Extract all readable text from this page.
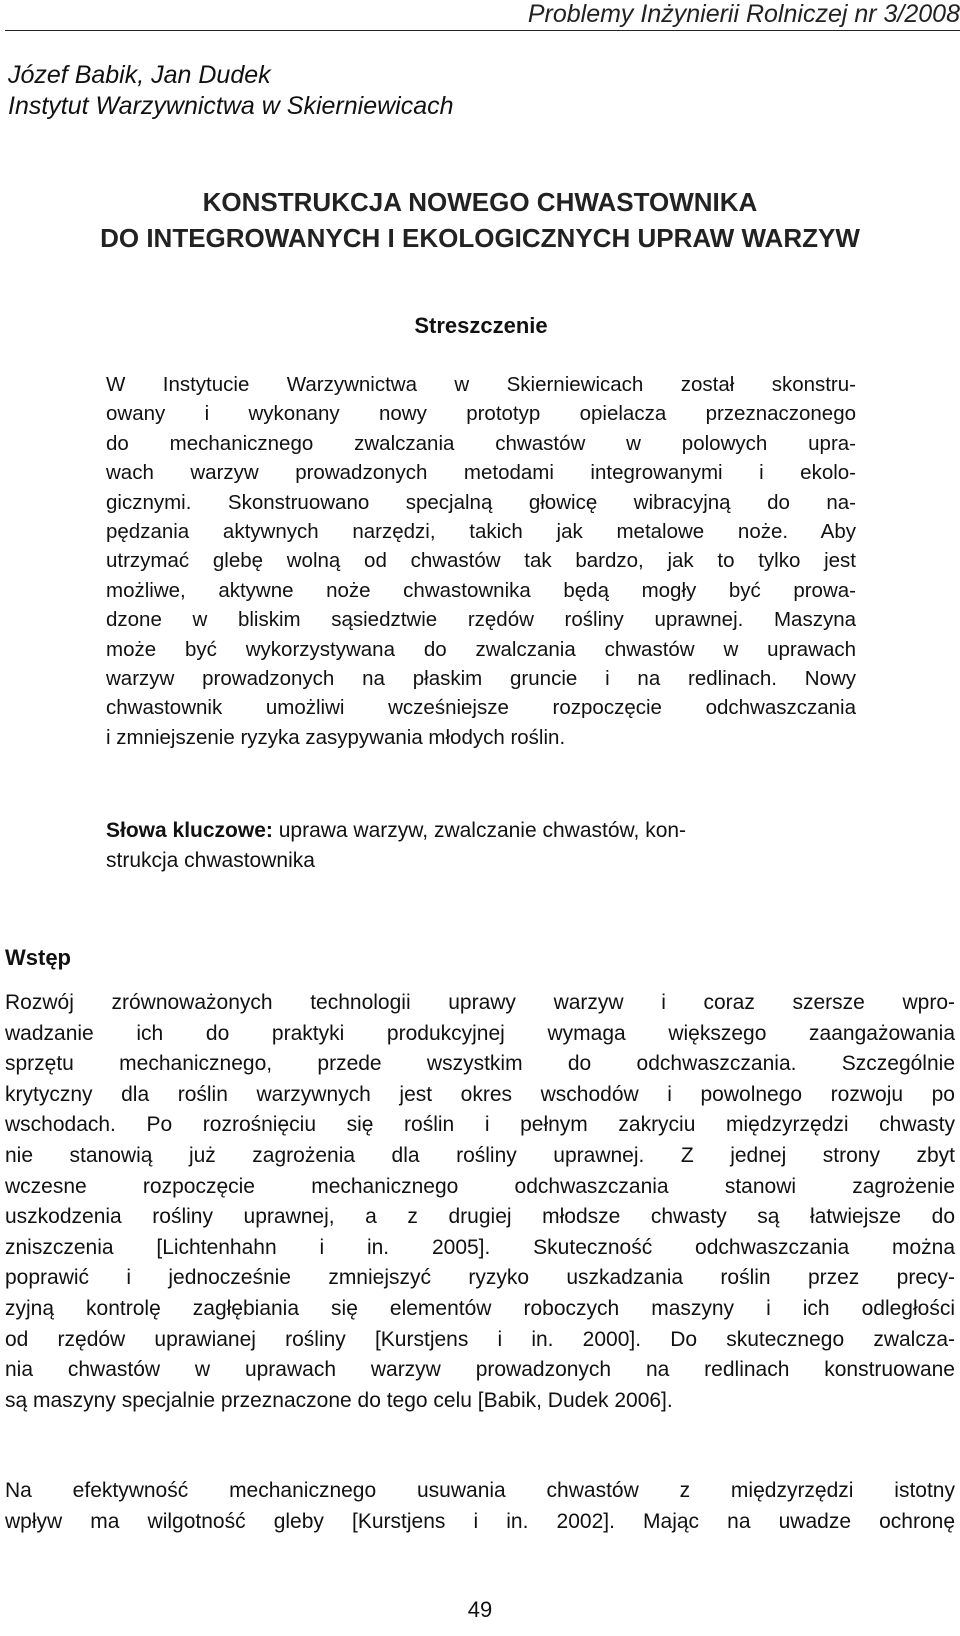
Problemy Inżynierii Rolniczej nr 3/2008
Józef Babik, Jan Dudek
Instytut Warzywnictwa w Skierniewicach
KONSTRUKCJA NOWEGO CHWASTOWNIKA
DO INTEGROWANYCH I EKOLOGICZNYCH UPRAW WARZYW
Streszczenie
W Instytucie Warzywnictwa w Skierniewicach został skonstru-
owany i wykonany nowy prototyp opielacza przeznaczonego
do mechanicznego zwalczania chwastów w polowych upra-
wach warzyw prowadzonych metodami integrowanymi i ekolo-
gicznymi. Skonstruowano specjalną głowicę wibracyjną do na-
pędzania aktywnych narzędzi, takich jak metalowe noże. Aby
utrzymać glebę wolną od chwastów tak bardzo, jak to tylko jest
możliwe, aktywne noże chwastownika będą mogły być prowa-
dzone w bliskim sąsiedztwie rzędów rośliny uprawnej. Maszyna
może być wykorzystywana do zwalczania chwastów w uprawach
warzyw prowadzonych na płaskim gruncie i na redlinach. Nowy
chwastownik umożliwi wcześniejsze rozpoczęcie odchwaszczania
i zmniejszenie ryzyka zasypywania młodych roślin.
Słowa kluczowe: uprawa warzyw, zwalczanie chwastów, kon-
strukcja chwastownika
Wstęp
Rozwój zrównoważonych technologii uprawy warzyw i coraz szersze wpro-
wadzanie ich do praktyki produkcyjnej wymaga większego zaangażowania
sprzętu mechanicznego, przede wszystkim do odchwaszczania. Szczególnie
krytyczny dla roślin warzywnych jest okres wschodów i powolnego rozwoju po
wschodach. Po rozrośnięciu się roślin i pełnym zakryciu międzyrzędzi chwasty
nie stanowią już zagrożenia dla rośliny uprawnej. Z jednej strony zbyt
wczesne rozpoczęcie mechanicznego odchwaszczania stanowi zagrożenie
uszkodzenia rośliny uprawnej, a z drugiej młodsze chwasty są łatwiejsze do
zniszczenia [Lichtenhahn i in. 2005]. Skuteczność odchwaszczania można
poprawić i jednocześnie zmniejszyć ryzyko uszkadzania roślin przez precy-
zyjną kontrolę zagłębiania się elementów roboczych maszyny i ich odległości
od rzędów uprawianej rośliny [Kurstjens i in. 2000]. Do skutecznego zwalcza-
nia chwastów w uprawach warzyw prowadzonych na redlinach konstruowane
są maszyny specjalnie przeznaczone do tego celu [Babik, Dudek 2006].
Na efektywność mechanicznego usuwania chwastów z międzyrzędzi istotny
wpływ ma wilgotność gleby [Kurstjens i in. 2002]. Mając na uwadze ochronę
49
